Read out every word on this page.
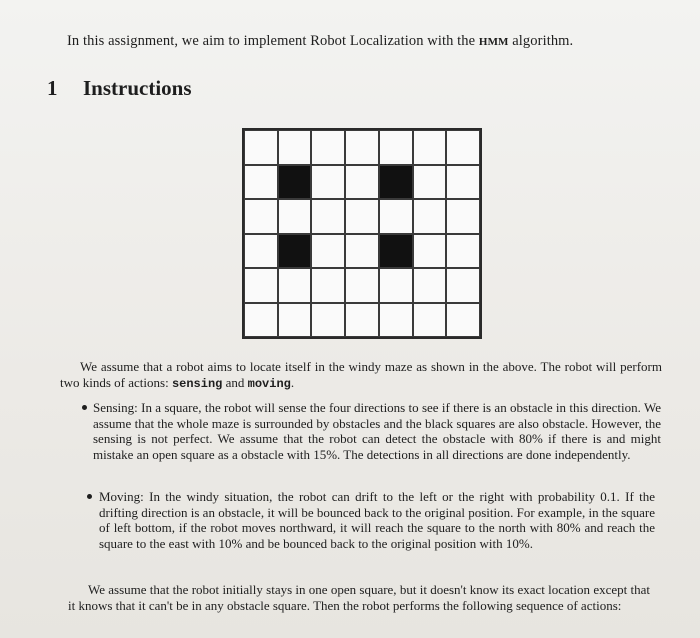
In this assignment, we aim to implement Robot Localization with the HMM algorithm.
1 Instructions
We assume that a robot aims to locate itself in the windy maze as shown in the above. The robot will perform two kinds of actions: sensing and moving.
Sensing: In a square, the robot will sense the four directions to see if there is an obstacle in this direction. We assume that the whole maze is surrounded by obstacles and the black squares are also obstacle. However, the sensing is not perfect. We assume that the robot can detect the obstacle with 80% if there is and might mistake an open square as a obstacle with 15%. The detections in all directions are done independently.
Moving: In the windy situation, the robot can drift to the left or the right with probability 0.1. If the drifting direction is an obstacle, it will be bounced back to the original position. For example, in the square of left bottom, if the robot moves northward, it will reach the square to the north with 80% and reach the square to the east with 10% and be bounced back to the original position with 10%.
We assume that the robot initially stays in one open square, but it doesn't know its exact location except that it knows that it can't be in any obstacle square. Then the robot performs the following sequence of actions:
